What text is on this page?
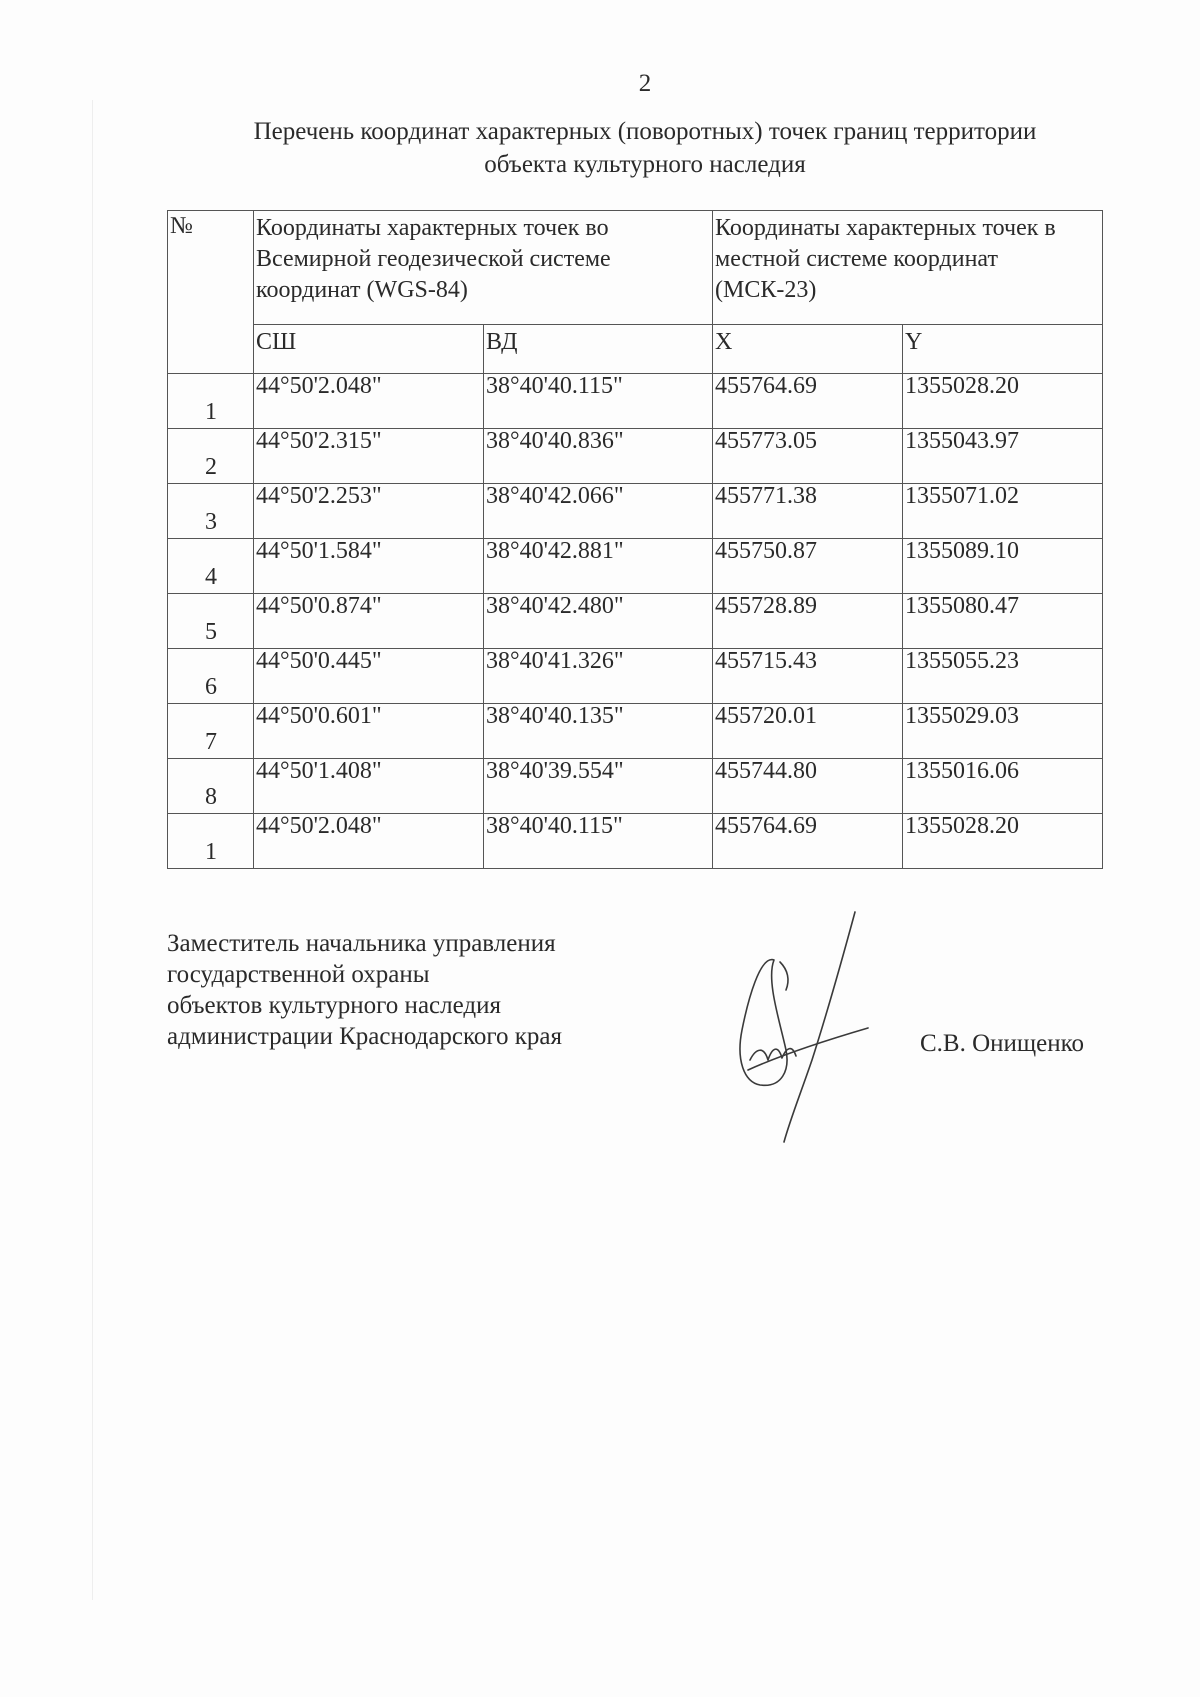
2
Перечень координат характерных (поворотных) точек границ территории
объекта культурного наследия
№	Координаты характерных точек во Всемирной геодезической системе координат (WGS-84)		Координаты характерных точек в местной системе координат (МСК-23)	
	СШ	ВД	X	Y
1	44°50'2.048"	38°40'40.115"	455764.69	1355028.20
2	44°50'2.315"	38°40'40.836"	455773.05	1355043.97
3	44°50'2.253"	38°40'42.066"	455771.38	1355071.02
4	44°50'1.584"	38°40'42.881"	455750.87	1355089.10
5	44°50'0.874"	38°40'42.480"	455728.89	1355080.47
6	44°50'0.445"	38°40'41.326"	455715.43	1355055.23
7	44°50'0.601"	38°40'40.135"	455720.01	1355029.03
8	44°50'1.408"	38°40'39.554"	455744.80	1355016.06
1	44°50'2.048"	38°40'40.115"	455764.69	1355028.20
Заместитель начальника управления
государственной охраны
объектов культурного наследия
администрации Краснодарского края	С.В. Онищенко
